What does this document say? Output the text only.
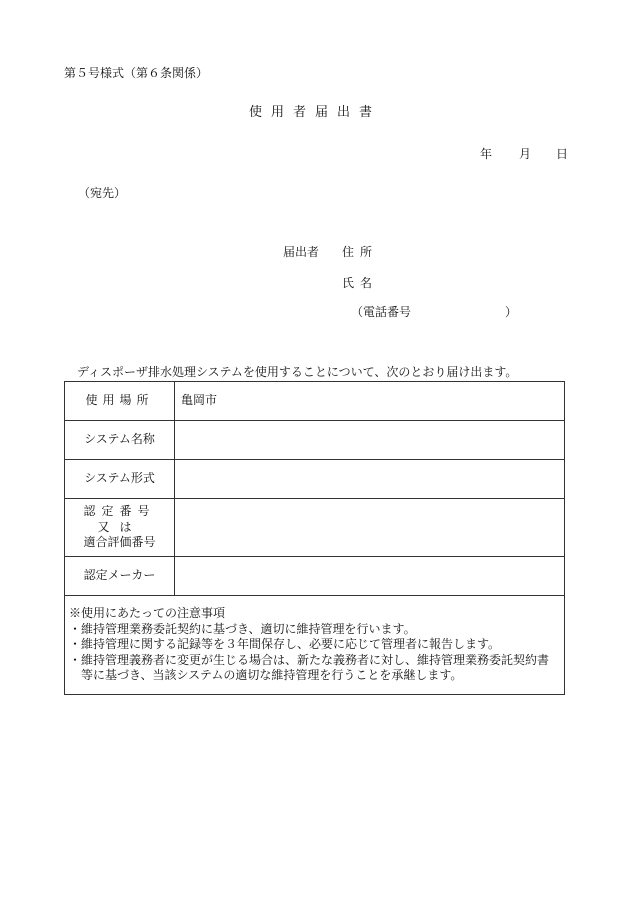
第５号様式（第６条関係）
使用者届出書
年 月 日
（宛先）
届出者 住所
氏名
（電話番号	）
ディスポーザ排水処理システムを使用することについて、次のとおり届け出ます。
使用場所	亀岡市
システム名称	
システム形式	

認定番号
又は
適合評価番号	

認定メーカー	

※使用にあたっての注意事項
・維持管理業務委託契約に基づき、適切に維持管理を行います。
・維持管理に関する記録等を３年間保存し、必要に応じて管理者に報告します。
・維持管理義務者に変更が生じる場合は、新たな義務者に対し、維持管理業務委託契約書
等に基づき、当該システムの適切な維持管理を行うことを承継します。	
